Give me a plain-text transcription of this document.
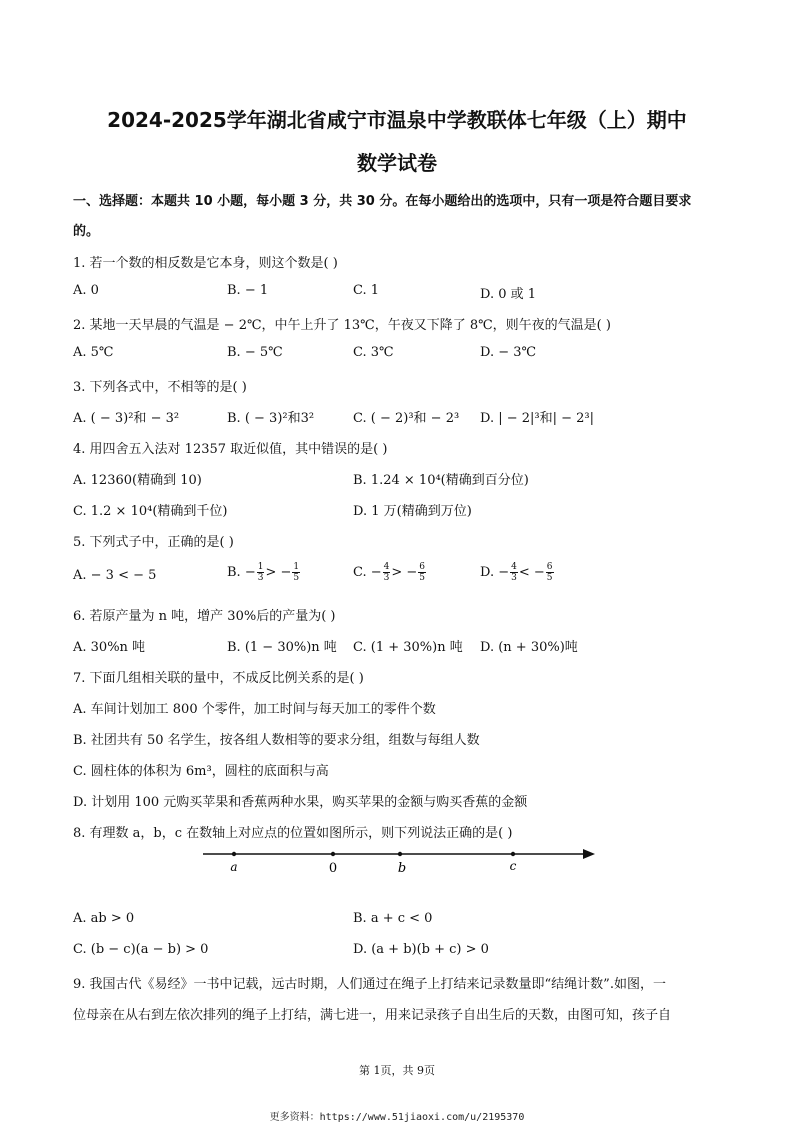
2024-2025学年湖北省咸宁市温泉中学教联体七年级（上）期中
数学试卷
一、选择题：本题共 10 小题，每小题 3 分，共 30 分。在每小题给出的选项中，只有一项是符合题目要求
的。
1. 若一个数的相反数是它本身，则这个数是( )
A. 0	B. − 1	C. 1	D. 0 或 1
2. 某地一天早晨的气温是 − 2℃，中午上升了 13℃，午夜又下降了 8℃，则午夜的气温是( )
A. 5℃	B. − 5℃	C. 3℃	D. − 3℃
3. 下列各式中，不相等的是( )
A. ( − 3)²和 − 3²	B. ( − 3)²和3²	C. ( − 2)³和 − 2³ D. | − 2|³和| − 2³|
4. 用四舍五入法对 12357 取近似值，其中错误的是( )
A. 12360(精确到 10)	B. 1.24 × 10⁴(精确到百分位)
C. 1.2 × 10⁴(精确到千位)	D. 1 万(精确到万位)
5. 下列式子中，正确的是( )
A. − 3 < − 5	B. − $\frac{1}{3}$ > − $\frac{1}{5}$	C. − $\frac{4}{3}$ > − $\frac{6}{5}$	D. − $\frac{4}{3}$ < − $\frac{6}{5}$
6. 若原产量为 n 吨，增产 30%后的产量为( )
A. 30%n 吨	B. (1 − 30%)n 吨 C. (1 + 30%)n 吨 D. (n + 30%)吨
7. 下面几组相关联的量中，不成反比例关系的是( )
A. 车间计划加工 800 个零件，加工时间与每天加工的零件个数
B. 社团共有 50 名学生，按各组人数相等的要求分组，组数与每组人数
C. 圆柱体的体积为 6m³，圆柱的底面积与高
D. 计划用 100 元购买苹果和香蕉两种水果，购买苹果的金额与购买香蕉的金额
8. 有理数 a，b，c 在数轴上对应点的位置如图所示，则下列说法正确的是( )
a	0	b	c
A. ab > 0	B. a + c < 0
C. (b − c)(a − b) > 0	D. (a + b)(b + c) > 0
9. 我国古代《易经》一书中记载，远古时期，人们通过在绳子上打结来记录数量即“结绳计数”.如图，一
位母亲在从右到左依次排列的绳子上打结，满七进一，用来记录孩子自出生后的天数，由图可知，孩子自
第 1页，共 9页
更多资料：https://www.51jiaoxi.com/u/2195370
